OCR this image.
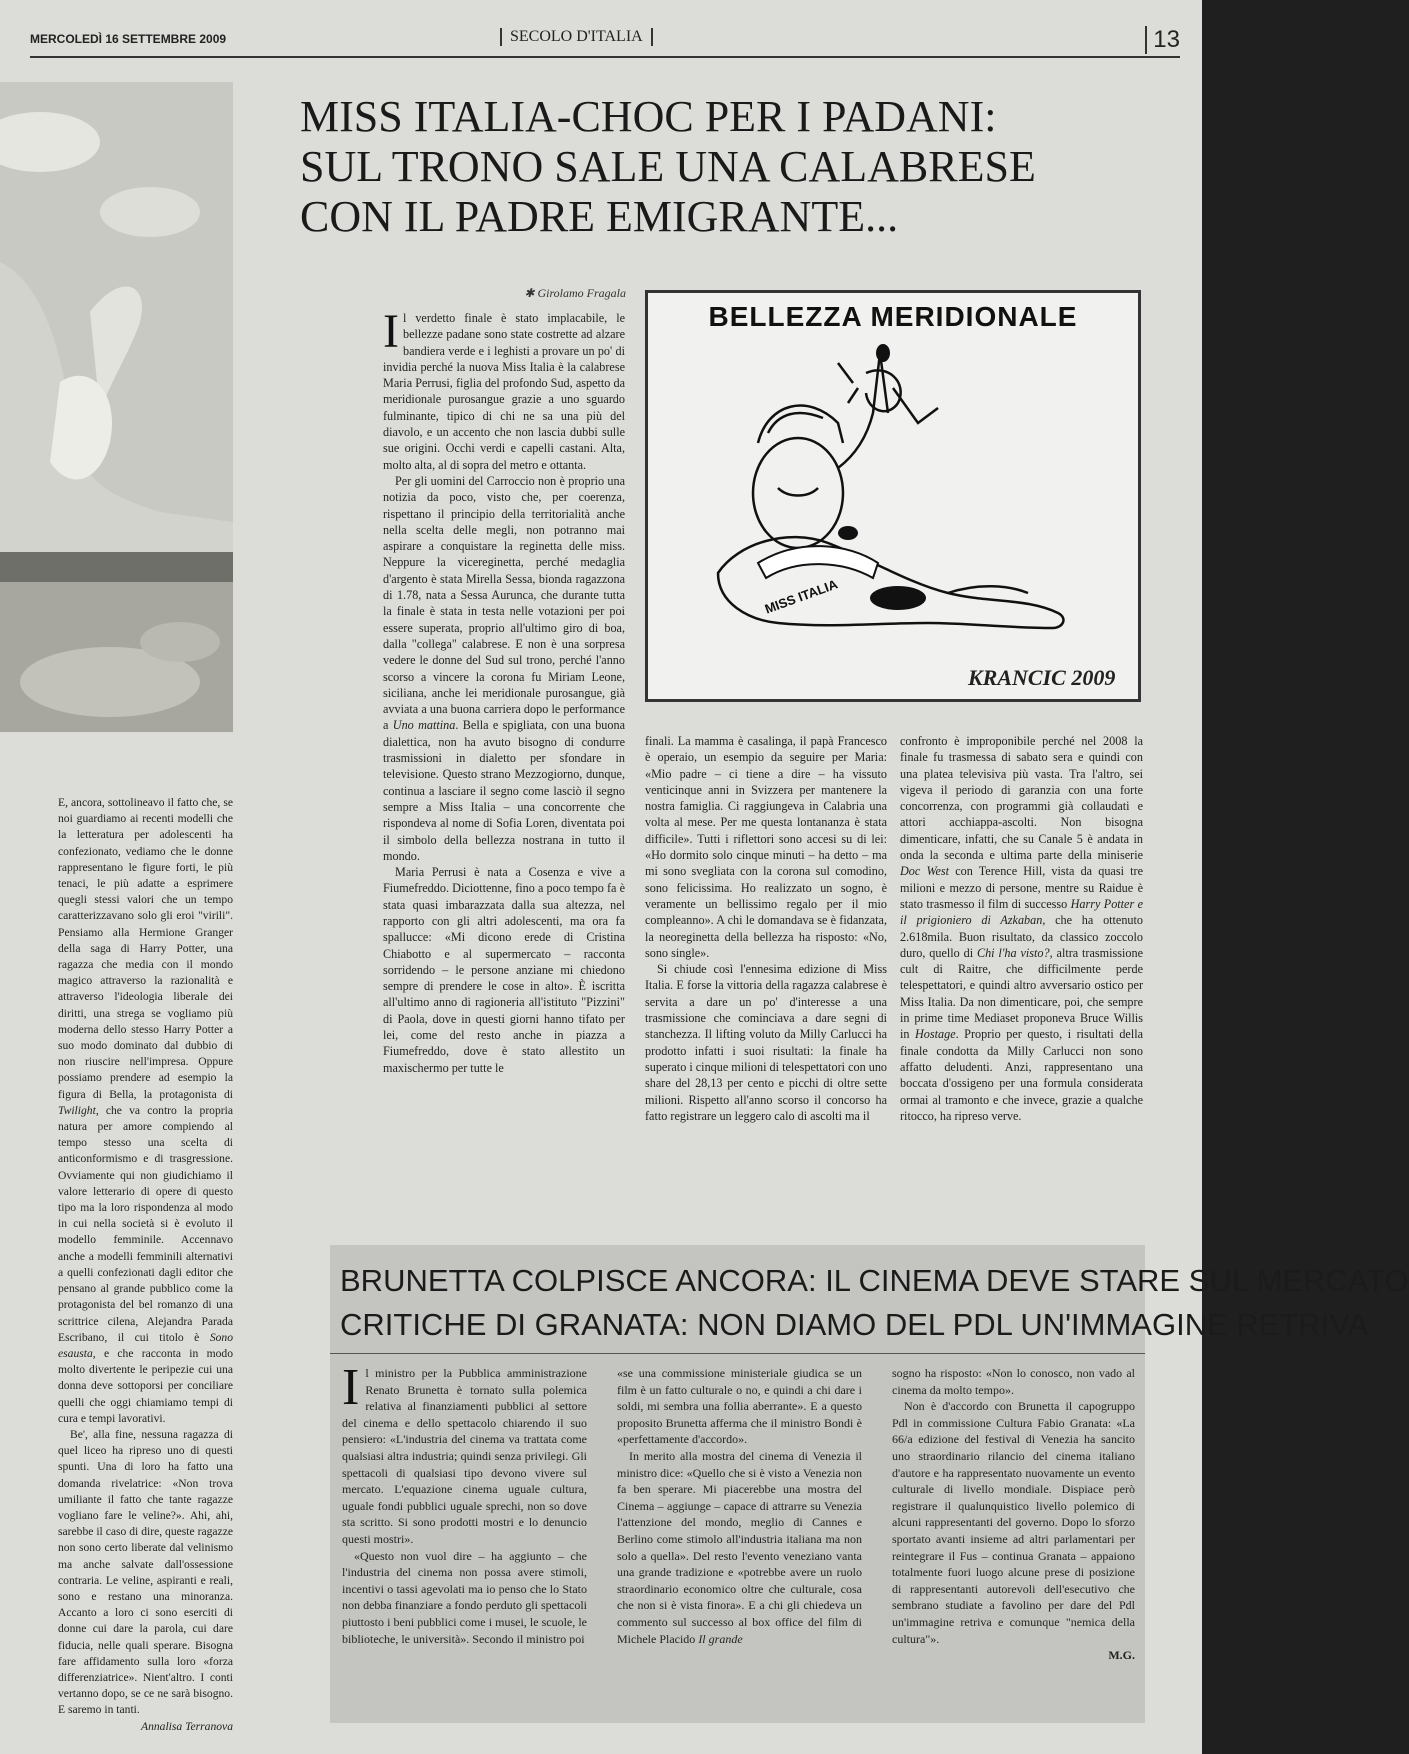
MERCOLEDÌ 16 SETTEMBRE 2009	SECOLO D'ITALIA	13
MISS ITALIA-CHOC PER I PADANI:
SUL TRONO SALE UNA CALABRESE
CON IL PADRE EMIGRANTE...
✱ Girolamo Fragala

Il verdetto finale è stato implacabile, le bellezze padane sono state costrette ad alzare bandiera verde e i leghisti a provare un po' di invidia perché la nuova Miss Italia è la calabrese Maria Perrusi, figlia del profondo Sud, aspetto da meridionale purosangue grazie a uno sguardo fulminante, tipico di chi ne sa una più del diavolo, e un accento che non lascia dubbi sulle sue origini. Occhi verdi e capelli castani. Alta, molto alta, al di sopra del metro e ottanta.

Per gli uomini del Carroccio non è proprio una notizia da poco, visto che, per coerenza, rispettano il principio della territorialità anche nella scelta delle megli, non potranno mai aspirare a conquistare la reginetta delle miss. Neppure la vicereginetta, perché medaglia d'argento è stata Mirella Sessa, bionda ragazzona di 1.78, nata a Sessa Aurunca, che durante tutta la finale è stata in testa nelle votazioni per poi essere superata, proprio all'ultimo giro di boa, dalla "collega" calabrese. E non è una sorpresa vedere le donne del Sud sul trono, perché l'anno scorso a vincere la corona fu Miriam Leone, siciliana, anche lei meridionale purosangue, già avviata a una buona carriera dopo le performance a Uno mattina. Bella e spigliata, con una buona dialettica, non ha avuto bisogno di condurre trasmissioni in dialetto per sfondare in televisione. Questo strano Mezzogiorno, dunque, continua a lasciare il segno come lasciò il segno sempre a Miss Italia – una concorrente che rispondeva al nome di Sofia Loren, diventata poi il simbolo della bellezza nostrana in tutto il mondo.

Maria Perrusi è nata a Cosenza e vive a Fiumefreddo. Diciottenne, fino a poco tempo fa è stata quasi imbarazzata dalla sua altezza, nel rapporto con gli altri adolescenti, ma ora fa spallucce: «Mi dicono erede di Cristina Chiabotto e al supermercato – racconta sorridendo – le persone anziane mi chiedono sempre di prendere le cose in alto». È iscritta all'ultimo anno di ragioneria all'istituto "Pizzini" di Paola, dove in questi giorni hanno tifato per lei, come del resto anche in piazza a Fiumefreddo, dove è stato allestito un maxischermo per tutte le

finali. La mamma è casalinga, il papà Francesco è operaio, un esempio da seguire per Maria: «Mio padre – ci tiene a dire – ha vissuto venticinque anni in Svizzera per mantenere la nostra famiglia. Ci raggiungeva in Calabria una volta al mese. Per me questa lontananza è stata difficile». Tutti i riflettori sono accesi su di lei: «Ho dormito solo cinque minuti – ha detto – ma mi sono svegliata con la corona sul comodino, sono felicissima. Ho realizzato un sogno, è veramente un bellissimo regalo per il mio compleanno». A chi le domandava se è fidanzata, la neoreginetta della bellezza ha risposto: «No, sono single».

Si chiude così l'ennesima edizione di Miss Italia. E forse la vittoria della ragazza calabrese è servita a dare un po' d'interesse a una trasmissione che cominciava a dare segni di stanchezza. Il lifting voluto da Milly Carlucci ha prodotto infatti i suoi risultati: la finale ha superato i cinque milioni di telespettatori con uno share del 28,13 per cento e picchi di oltre sette milioni. Rispetto all'anno scorso il concorso ha fatto registrare un leggero calo di ascolti ma il

confronto è improponibile perché nel 2008 la finale fu trasmessa di sabato sera e quindi con una platea televisiva più vasta. Tra l'altro, sei vigeva il periodo di garanzia con una forte concorrenza, con programmi già collaudati e attori acchiappa-ascolti. Non bisogna dimenticare, infatti, che su Canale 5 è andata in onda la seconda e ultima parte della miniserie Doc West con Terence Hill, vista da quasi tre milioni e mezzo di persone, mentre su Raidue è stato trasmesso il film di successo Harry Potter e il prigioniero di Azkaban, che ha ottenuto 2.618mila. Buon risultato, da classico zoccolo duro, quello di Chi l'ha visto?, altra trasmissione cult di Raitre, che difficilmente perde telespettatori, e quindi altro avversario ostico per Miss Italia. Da non dimenticare, poi, che sempre in prime time Mediaset proponeva Bruce Willis in Hostage. Proprio per questo, i risultati della finale condotta da Milly Carlucci non sono affatto deludenti. Anzi, rappresentano una boccata d'ossigeno per una formula considerata ormai al tramonto e che invece, grazie a qualche ritocco, ha ripreso verve.

BELLEZZA MERIDIONALE
MISS ITALIA
KRANCIC 2009

E, ancora, sottolineavo il fatto che, se noi guardiamo ai recenti modelli che la letteratura per adolescenti ha confezionato, vediamo che le donne rappresentano le figure forti, le più tenaci, le più adatte a esprimere quegli stessi valori che un tempo caratterizzavano solo gli eroi "virili". Pensiamo alla Hermione Granger della saga di Harry Potter, una ragazza che media con il mondo magico attraverso la razionalità e attraverso l'ideologia liberale dei diritti, una strega se vogliamo più moderna dello stesso Harry Potter a suo modo dominato dal dubbio di non riuscire nell'impresa. Oppure possiamo prendere ad esempio la figura di Bella, la protagonista di Twilight, che va contro la propria natura per amore compiendo al tempo stesso una scelta di anticonformismo e di trasgressione. Ovviamente qui non giudichiamo il valore letterario di opere di questo tipo ma la loro rispondenza al modo in cui nella società si è evoluto il modello femminile. Accennavo anche a modelli femminili alternativi a quelli confezionati dagli editor che pensano al grande pubblico come la protagonista del bel romanzo di una scrittrice cilena, Alejandra Parada Escribano, il cui titolo è Sono esausta, e che racconta in modo molto divertente le peripezie cui una donna deve sottoporsi per conciliare quelli che oggi chiamiamo tempi di cura e tempi lavorativi.

Be', alla fine, nessuna ragazza di quel liceo ha ripreso uno di questi spunti. Una di loro ha fatto una domanda rivelatrice: «Non trova umiliante il fatto che tante ragazze vogliano fare le veline?». Ahi, ahi, sarebbe il caso di dire, queste ragazze non sono certo liberate dal velinismo ma anche salvate dall'ossessione contraria. Le veline, aspiranti e reali, sono e restano una minoranza. Accanto a loro ci sono eserciti di donne cui dare la parola, cui dare fiducia, nelle quali sperare. Bisogna fare affidamento sulla loro «forza differenziatrice». Nient'altro. I conti vertanno dopo, se ce ne sarà bisogno. E saremo in tanti.

Annalisa Terranova

BRUNETTA COLPISCE ANCORA: IL CINEMA DEVE STARE SUL MERCATO
CRITICHE DI GRANATA: NON DIAMO DEL PDL UN'IMMAGINE RETRIVA

Il ministro per la Pubblica amministrazione Renato Brunetta è tornato sulla polemica relativa al finanziamenti pubblici al settore del cinema e dello spettacolo chiarendo il suo pensiero: «L'industria del cinema va trattata come qualsiasi altra industria; quindi senza privilegi. Gli spettacoli di qualsiasi tipo devono vivere sul mercato. L'equazione cinema uguale cultura, uguale fondi pubblici uguale sprechi, non so dove sta scritto. Si sono prodotti mostri e lo denuncio questi mostri».

«Questo non vuol dire – ha aggiunto – che l'industria del cinema non possa avere stimoli, incentivi o tassi agevolati ma io penso che lo Stato non debba finanziare a fondo perduto gli spettacoli piuttosto i beni pubblici come i musei, le scuole, le biblioteche, le università». Secondo il ministro poi

«se una commissione ministeriale giudica se un film è un fatto culturale o no, e quindi a chi dare i soldi, mi sembra una follia aberrante». E a questo proposito Brunetta afferma che il ministro Bondi è «perfettamente d'accordo».

In merito alla mostra del cinema di Venezia il ministro dice: «Quello che si è visto a Venezia non fa ben sperare. Mi piacerebbe una mostra del Cinema – aggiunge – capace di attrarre su Venezia l'attenzione del mondo, meglio di Cannes e Berlino come stimolo all'industria italiana ma non solo a quella». Del resto l'evento veneziano vanta una grande tradizione e «potrebbe avere un ruolo straordinario economico oltre che culturale, cosa che non si è vista finora». E a chi gli chiedeva un commento sul successo al box office del film di Michele Placido Il grande

sogno ha risposto: «Non lo conosco, non vado al cinema da molto tempo».

Non è d'accordo con Brunetta il capogruppo Pdl in commissione Cultura Fabio Granata: «La 66/a edizione del festival di Venezia ha sancito uno straordinario rilancio del cinema italiano d'autore e ha rappresentato nuovamente un evento culturale di livello mondiale. Dispiace però registrare il qualunquistico livello polemico di alcuni rappresentanti del governo. Dopo lo sforzo sportato avanti insieme ad altri parlamentari per reintegrare il Fus – continua Granata – appaiono totalmente fuori luogo alcune prese di posizione di rappresentanti autorevoli dell'esecutivo che sembrano studiate a favolino per dare del Pdl un'immagine retriva e comunque "nemica della cultura"».

M.G.
